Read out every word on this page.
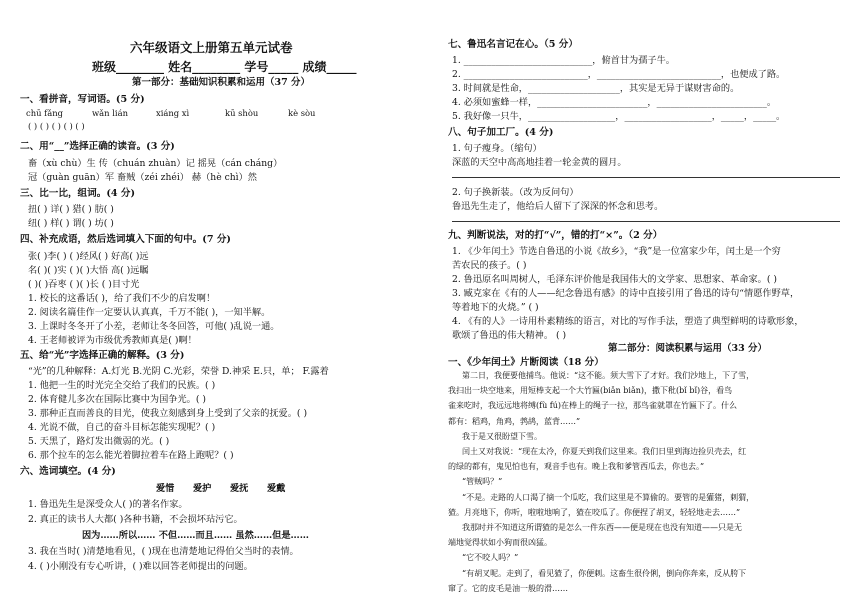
六年级语文上册第五单元试卷
班级________ 姓名________ 学号_____ 成绩_____
第一部分：基础知识积累和运用（37 分）
一、看拼音，写词语。(5 分)
chū fǎng	wǎn lián	xiáng xì	kū shòu	kè sòu
( ) ( ) ( ) ( ) ( )
二、用“__”选择正确的读音。(3 分)
畜（xù chù）生 传（chuán zhuàn）记 摇晃（cán cháng）
冠（guàn guān）军 畜贼（zéi zhéi） 赫（hè chì）然
三、比一比，组词。(4 分)
扭( ) 详( ) 猎( ) 肪( )
纽( ) 样( ) 谓( ) 坊( )
四、补充成语，然后选词填入下面的句中。(7 分)
张( )李( ) ( )经风( ) 好高( )远
名( )( )实 ( )( )大悟 高( )远瞩
( )( )吞枣 ( )( )长 ( )目寸光
1. 校长的这番话( )，给了我们不少的启发啊！
2. 阅读名篇佳作一定要认认真真，千万不能( )，一知半解。
3. 上课时冬冬开了小差，老师让冬冬回答，可他( )乱说一通。
4. 王老师被评为市级优秀教师真是( )啊！
五、给“光”字选择正确的解释。(3 分)
“光”的几种解释：A.灯光 B.光阴 C.光彩，荣誉 D.神采 E.只，单； F.露着
1. 他把一生的时光完全交给了我们的民族。( )
2. 体育健儿多次在国际比赛中为国争光。( )
3. 那种正直而善良的目光，使我立刻感到身上受到了父亲的抚爱。( )
4. 光说不做，自己的奋斗目标怎能实现呢？( )
5. 天黑了，路灯发出微弱的光。( )
6. 那个拉车的怎么能光着脚拉着车在路上跑呢？( )
六、选词填空。(4 分)
爱惜 爱护 爱抚 爱戴
1. 鲁迅先生是深受众人( )的著名作家。
2. 真正的读书人大都( )各种书籍，不会损坏玷污它。
因为……所以…… 不但……而且…… 虽然……但是……
3. 我在当时( )清楚地看见，( )现在也清楚地记得伯父当时的表情。
4. ( )小刚没有专心听讲，( )难以回答老师提出的问题。
七、鲁迅名言记在心。（5 分）
1. ____________________________，俯首甘为孺子牛。
2. ___________________________，___________________________，也便成了路。
3. 时间就是性命，____________________，其实是无异于谋财害命的。
4. 必须如蜜蜂一样，________________________，________________________。
5. 我好像一只牛，___________________，___________________，_____，_____。
八、句子加工厂。(4 分)
1. 句子瘦身。（缩句）
深蓝的天空中高高地挂着一轮金黄的圆月。
2. 句子换新装。（改为反问句）
鲁迅先生走了，他给后人留下了深深的怀念和思考。
九、判断说法，对的打“√”，错的打“×”。（2 分）
1. 《少年闰土》节选自鲁迅的小说《故乡》，“我”是一位富家少年，闰土是一个穷
苦农民的孩子。( )
2. 鲁迅原名叫周树人，毛泽东评价他是我国伟大的文学家、思想家、革命家。( )
3. 臧克家在《有的人——纪念鲁迅有感》的诗中直接引用了鲁迅的诗句“情愿作野草，
等着地下的火烧。” ( )
4. 《有的人》一诗用朴素精练的语言，对比的写作手法，塑造了典型鲜明的诗歌形象，
歌颂了鲁迅的伟大精神。 ( )
第二部分：阅读积累与运用（33 分）
一、《少年闰土》片断阅读（18 分）
第二日，我便要他捕鸟。他说：“这不能。须大雪下了才好。我们沙地上，下了雪，
我扫出一块空地来，用短棒支起一个大竹匾(biǎn biǎn)，撒下秕(bǐ bǐ)谷，看鸟
雀来吃时，我远远地将缚(fù fú)在棒上的绳子一拉，那鸟雀就罩在竹匾下了。什么
都有：稻鸡，角鸡，鹁鸪，蓝背……”
我于是又很盼望下雪。
闰土又对我说：“现在太冷，你夏天到我们这里来。我们日里到海边捡贝壳去，红
的绿的都有，鬼见怕也有，观音手也有。晚上我和爹管西瓜去，你也去。”
“管贼吗？”
“不是。走路的人口渴了摘一个瓜吃，我们这里是不算偷的。要管的是獾猪，刺猬，
猹。月亮地下，你听，啦啦地响了，猹在咬瓜了。你便捏了胡叉，轻轻地走去……”
我那时并不知道这所谓猹的是怎么一件东西——便是现在也没有知道——只是无
端地觉得状如小狗而很凶猛。
“它不咬人吗？”
“有胡叉呢。走到了，看见猹了，你便刺。这畜生很伶俐，倒向你奔来，反从胯下
窜了。它的皮毛是油一般的滑……
